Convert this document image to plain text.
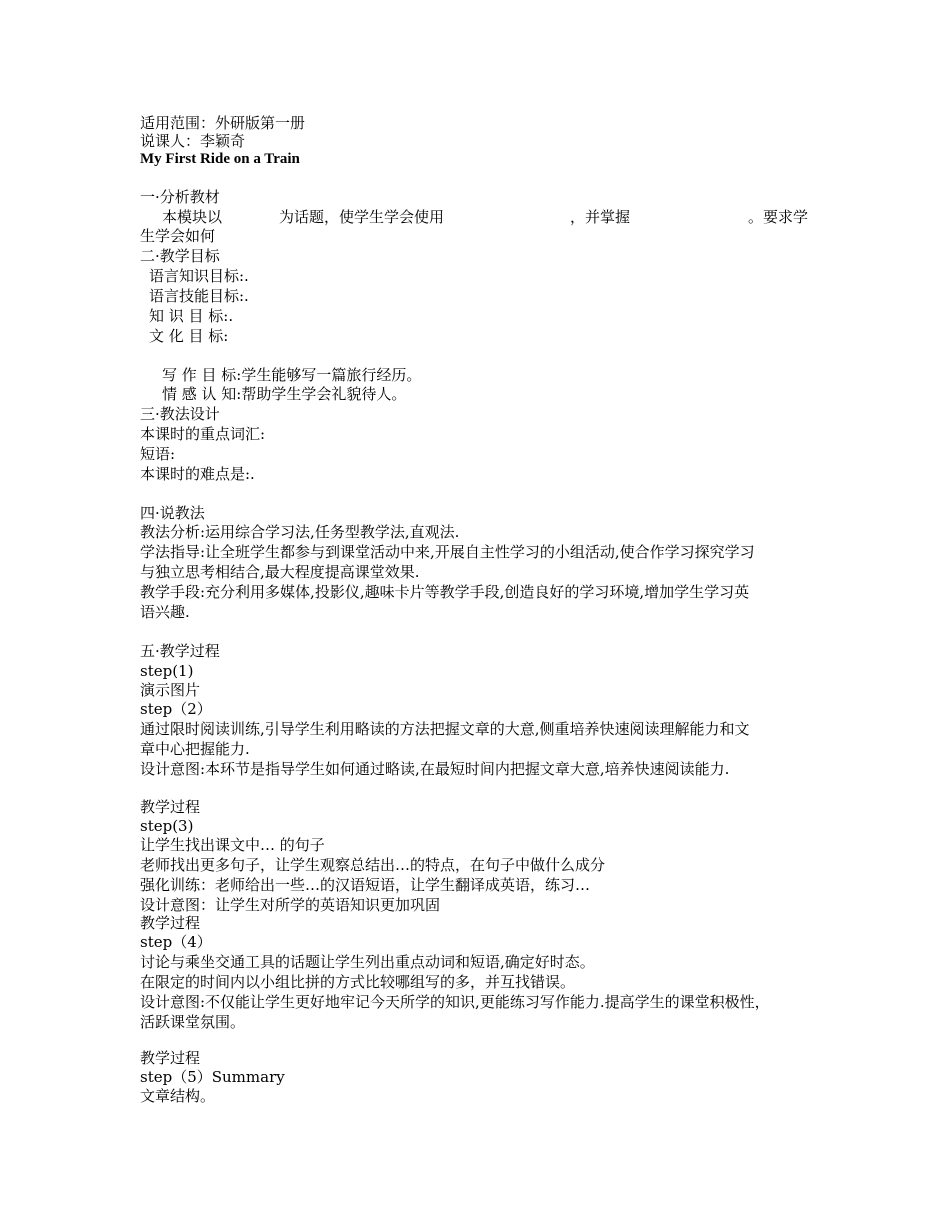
适用范围：外研版第一册
说课人：李颖奇
My First Ride on a Train
一·分析教材
本模块以	为话题，使学生学会使用	，并掌握	。要求学
生学会如何
二·教学目标
语言知识目标:.
语言技能目标:.
知 识 目 标:.
文 化 目 标:
写 作 目 标:学生能够写一篇旅行经历。
情 感 认 知:帮助学生学会礼貌待人。
三·教法设计
本课时的重点词汇:
短语:
本课时的难点是:.
四·说教法
教法分析:运用综合学习法,任务型教学法,直观法.
学法指导:让全班学生都参与到课堂活动中来,开展自主性学习的小组活动,使合作学习探究学习
与独立思考相结合,最大程度提高课堂效果.
教学手段:充分利用多媒体,投影仪,趣味卡片等教学手段,创造良好的学习环境,增加学生学习英
语兴趣.
五·教学过程
step(1)
演示图片
step（2）
通过限时阅读训练,引导学生利用略读的方法把握文章的大意,侧重培养快速阅读理解能力和文
章中心把握能力.
设计意图:本环节是指导学生如何通过略读,在最短时间内把握文章大意,培养快速阅读能力.
教学过程
step(3)
让学生找出课文中… 的句子
老师找出更多句子，让学生观察总结出…的特点，在句子中做什么成分
强化训练：老师给出一些…的汉语短语，让学生翻译成英语，练习…
设计意图：让学生对所学的英语知识更加巩固
教学过程
step（4）
讨论与乘坐交通工具的话题让学生列出重点动词和短语,确定好时态。
在限定的时间内以小组比拼的方式比较哪组写的多，并互找错误。
设计意图:不仅能让学生更好地牢记今天所学的知识,更能练习写作能力.提高学生的课堂积极性，
活跃课堂氛围。
教学过程
step（5）Summary
文章结构。
